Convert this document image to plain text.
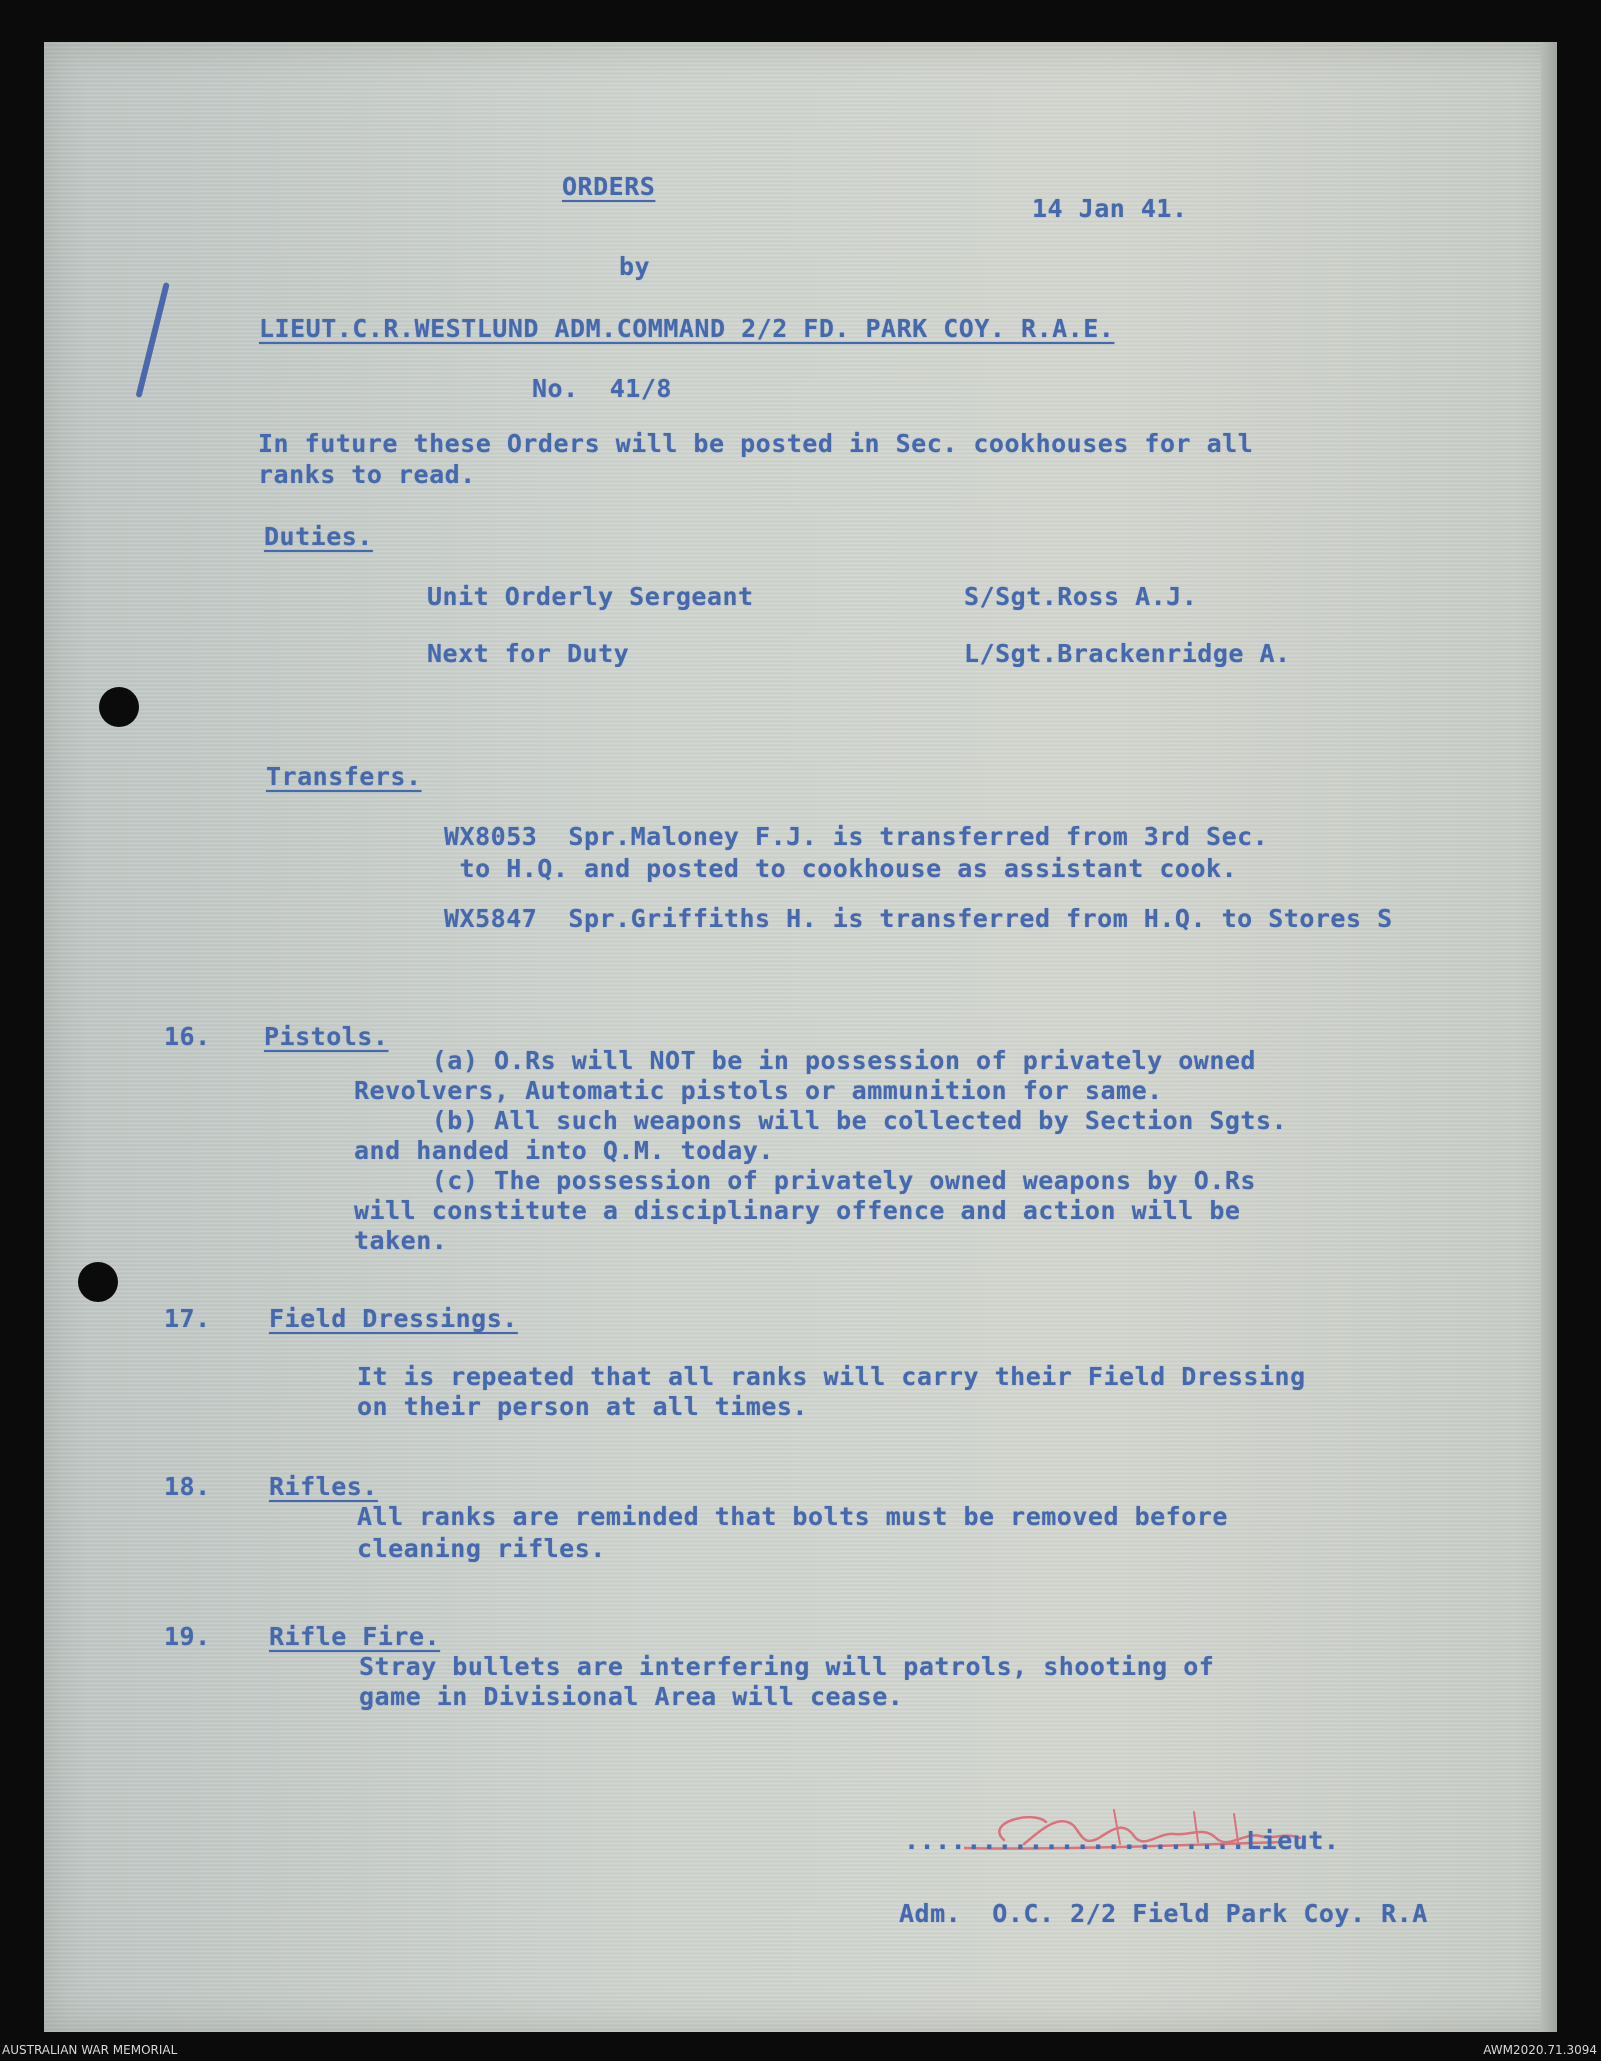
ORDERS
14 Jan 41.
by
LIEUT.C.R.WESTLUND ADM.COMMAND 2/2 FD. PARK COY. R.A.E.
No.  41/8
In future these Orders will be posted in Sec. cookhouses for all
ranks to read.
Duties.
Unit Orderly Sergeant	S/Sgt.Ross A.J.
Next for Duty	L/Sgt.Brackenridge A.
Transfers.
WX8053  Spr.Maloney F.J. is transferred from 3rd Sec.
to H.Q. and posted to cookhouse as assistant cook.
WX5847  Spr.Griffiths H. is transferred from H.Q. to Stores S
16. Pistols.
(a) O.Rs will NOT be in possession of privately owned
Revolvers, Automatic pistols or ammunition for same.
(b) All such weapons will be collected by Section Sgts.
and handed into Q.M. today.
(c) The possession of privately owned weapons by O.Rs
will constitute a disciplinary offence and action will be
taken.
17. Field Dressings.
It is repeated that all ranks will carry their Field Dressing
on their person at all times.
18. Rifles.
All ranks are reminded that bolts must be removed before
cleaning rifles.
19. Rifle Fire.
Stray bullets are interfering will patrols, shooting of
game in Divisional Area will cease.
......................Lieut.
Adm.  O.C. 2/2 Field Park Coy. R.A
AUSTRALIAN WAR MEMORIAL	AWM2020.71.3094
